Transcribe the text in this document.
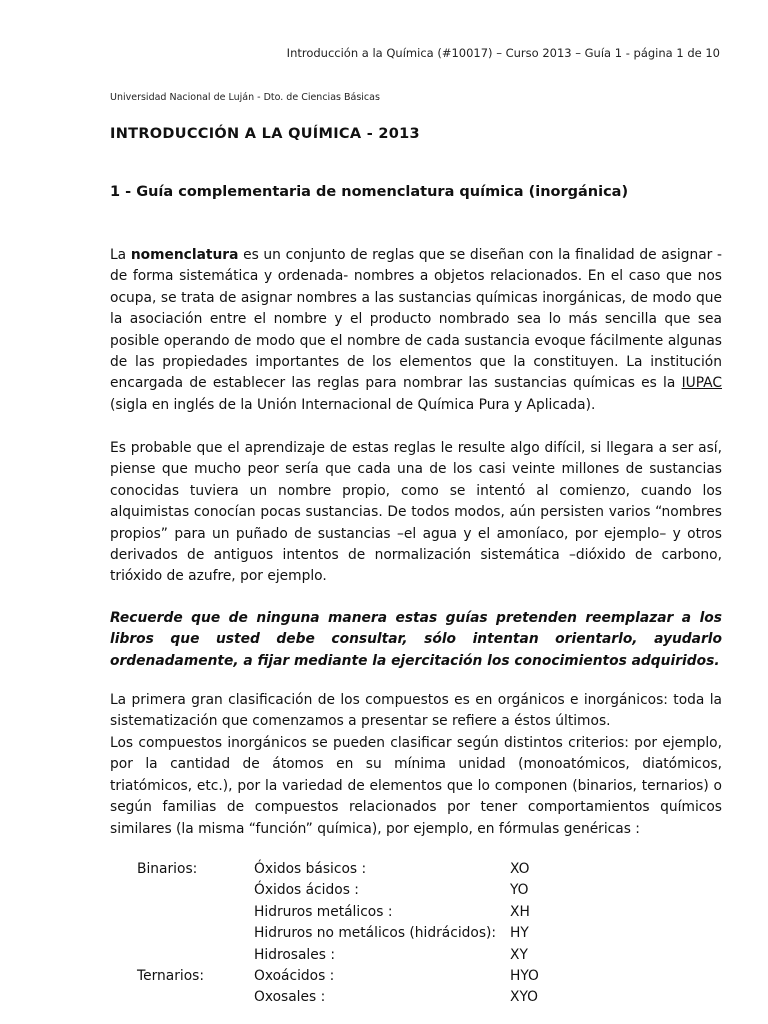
Introducción a la Química (#10017) – Curso 2013 – Guía 1 - página 1 de 10
Universidad Nacional de Luján - Dto. de Ciencias Básicas
INTRODUCCIÓN A LA QUÍMICA - 2013
1 - Guía complementaria de nomenclatura química (inorgánica)

La nomenclatura es un conjunto de reglas que se diseñan con la finalidad de asignar -de forma sistemática y ordenada- nombres a objetos relacionados. En el caso que nos ocupa, se trata de asignar nombres a las sustancias químicas inorgánicas, de modo que la asociación entre el nombre y el producto nombrado sea lo más sencilla que sea posible operando de modo que el nombre de cada sustancia evoque fácilmente algunas de las propiedades importantes de los elementos que la constituyen. La institución encargada de establecer las reglas para nombrar las sustancias químicas es la IUPAC (sigla en inglés de la Unión Internacional de Química Pura y Aplicada).

Es probable que el aprendizaje de estas reglas le resulte algo difícil, si llegara a ser así, piense que mucho peor sería que cada una de los casi veinte millones de sustancias conocidas tuviera un nombre propio, como se intentó al comienzo, cuando los alquimistas conocían pocas sustancias. De todos modos, aún persisten varios “nombres propios” para un puñado de sustancias –el agua y el amoníaco, por ejemplo– y otros derivados de antiguos intentos de normalización sistemática –dióxido de carbono, trióxido de azufre, por ejemplo.

Recuerde que de ninguna manera estas guías pretenden reemplazar a los libros que usted debe consultar, sólo intentan orientarlo, ayudarlo ordenadamente, a fijar mediante la ejercitación los conocimientos adquiridos.

La primera gran clasificación de los compuestos es en orgánicos e inorgánicos: toda la sistematización que comenzamos a presentar se refiere a éstos últimos.

Los compuestos inorgánicos se pueden clasificar según distintos criterios: por ejemplo, por la cantidad de átomos en su mínima unidad (monoatómicos, diatómicos, triatómicos, etc.), por la variedad de elementos que lo componen (binarios, ternarios) o según familias de compuestos relacionados por tener comportamientos químicos similares (la misma “función” química), por ejemplo, en fórmulas genéricas :

Binarios:	Óxidos básicos :	XO
	Óxidos ácidos :	YO
	Hidruros metálicos :	XH
	Hidruros no metálicos (hidrácidos):	HY
	Hidrosales :	XY
Ternarios:	Oxoácidos :	HYO
	Oxosales :	XYO
